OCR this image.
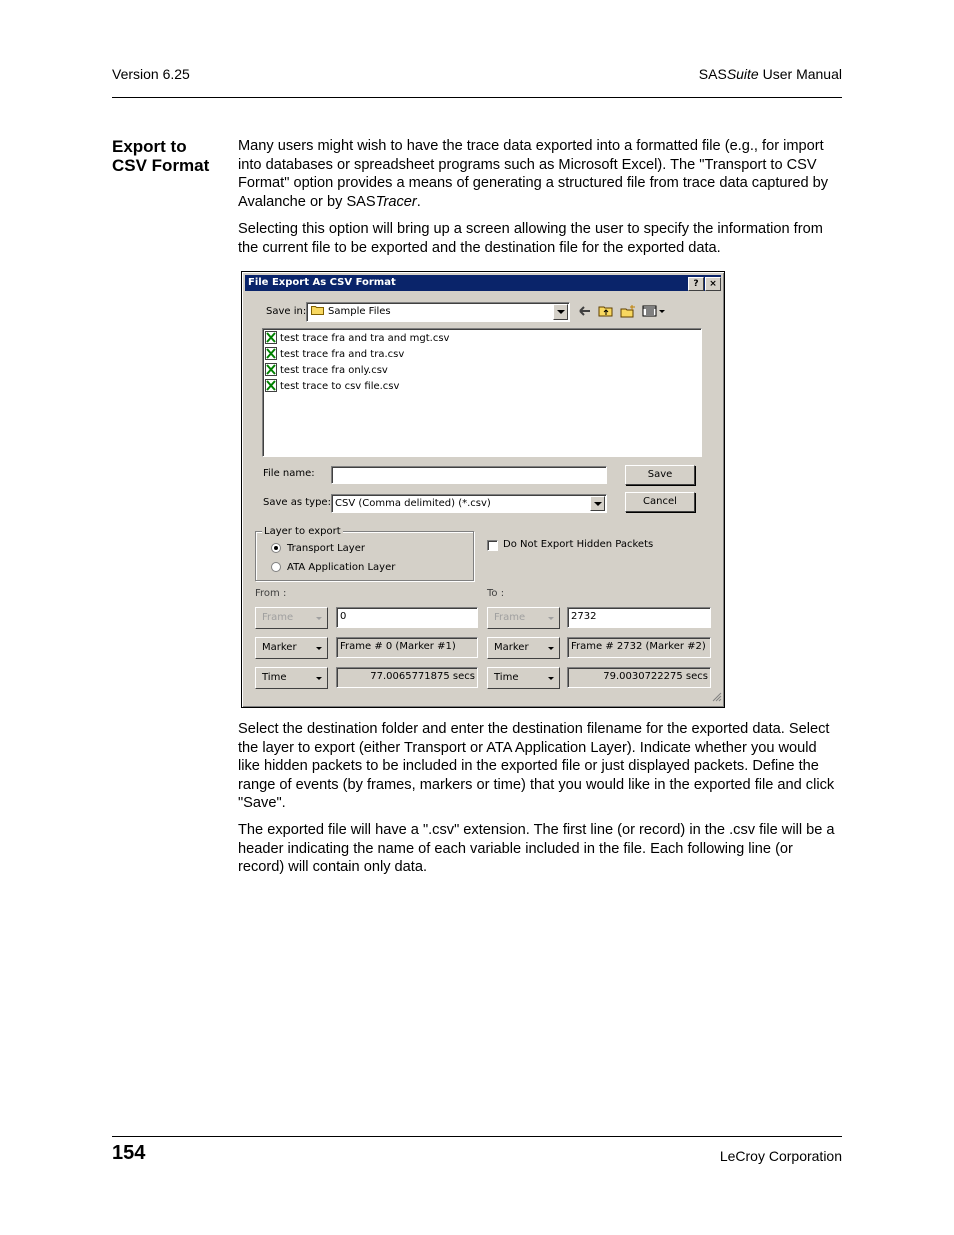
Version 6.25	SASSuite User Manual
Export to
CSV Format
Many users might wish to have the trace data exported into a formatted file (e.g., for import into databases or spreadsheet programs such as Microsoft Excel). The "Transport to CSV Format" option provides a means of generating a structured file from trace data captured by Avalanche or by SASTracer.
Selecting this option will bring up a screen allowing the user to specify the information from the current file to be exported and the destination file for the exported data.
File Export As CSV Format	?	×
Save in:	Sample Files
test trace fra and tra and mgt.csv
test trace fra and tra.csv
test trace fra only.csv
test trace to csv file.csv
File name:	Save
Save as type: CSV (Comma delimited) (*.csv)	Cancel
Layer to export
Transport Layer
ATA Application Layer
Do Not Export Hidden Packets
From :
Frame	0
Marker	Frame # 0 (Marker #1)
Time	77.0065771875 secs
To :
Frame	2732
Marker	Frame # 2732 (Marker #2)
Time	79.0030722275 secs
Select the destination folder and enter the destination filename for the exported data. Select the layer to export (either Transport or ATA Application Layer). Indicate whether you would like hidden packets to be included in the exported file or just displayed packets. Define the range of events (by frames, markers or time) that you would like in the exported file and click "Save".
The exported file will have a ".csv" extension. The first line (or record) in the .csv file will be a header indicating the name of each variable included in the file. Each following line (or record) will contain only data.
154	LeCroy Corporation
